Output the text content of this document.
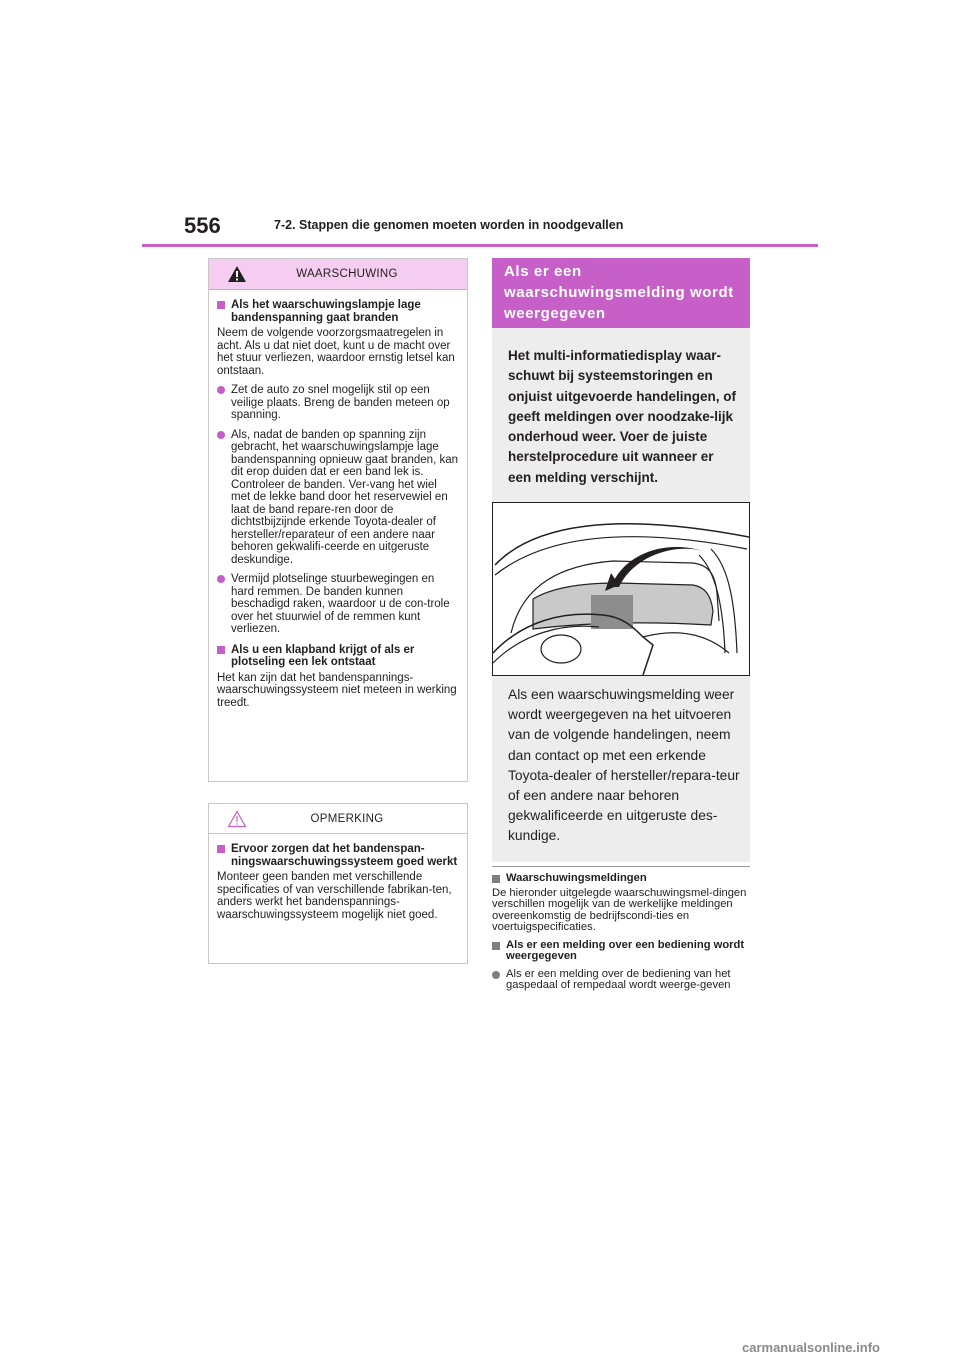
556	7-2. Stappen die genomen moeten worden in noodgevallen
WAARSCHUWING
Als het waarschuwingslampje lage bandenspanning gaat branden

Neem de volgende voorzorgsmaatregelen in acht. Als u dat niet doet, kunt u de macht over het stuur verliezen, waardoor ernstig letsel kan ontstaan.

Zet de auto zo snel mogelijk stil op een veilige plaats. Breng de banden meteen op spanning.
Als, nadat de banden op spanning zijn gebracht, het waarschuwingslampje lage bandenspanning opnieuw gaat branden, kan dit erop duiden dat er een band lek is. Controleer de banden. Ver-vang het wiel met de lekke band door het reservewiel en laat de band repare-ren door de dichtstbijzijnde erkende Toyota-dealer of hersteller/reparateur of een andere naar behoren gekwalifi-ceerde en uitgeruste deskundige.
Vermijd plotselinge stuurbewegingen en hard remmen. De banden kunnen beschadigd raken, waardoor u de con-trole over het stuurwiel of de remmen kunt verliezen.
Als u een klapband krijgt of als er plotseling een lek ontstaat

Het kan zijn dat het bandenspannings-waarschuwingssysteem niet meteen in werking treedt.

OPMERKING
Ervoor zorgen dat het bandenspan-ningswaarschuwingssysteem goed werkt

Monteer geen banden met verschillende specificaties of van verschillende fabrikan-ten, anders werkt het bandenspannings-waarschuwingssysteem mogelijk niet goed.

Als er een waarschuwingsmelding wordt weergegeven
Het multi-informatiedisplay waar-schuwt bij systeemstoringen en onjuist uitgevoerde handelingen, of geeft meldingen over noodzake-lijk onderhoud weer. Voer de juiste herstelprocedure uit wanneer er een melding verschijnt.
Als een waarschuwingsmelding weer wordt weergegeven na het uitvoeren van de volgende handelingen, neem dan contact op met een erkende Toyota-dealer of hersteller/repara-teur of een andere naar behoren gekwalificeerde en uitgeruste des-kundige.
Waarschuwingsmeldingen

De hieronder uitgelegde waarschuwingsmel-dingen verschillen mogelijk van de werkelijke meldingen overeenkomstig de bedrijfscondi-ties en voertuigspecificaties.

Als er een melding over een bediening wordt weergegeven
Als er een melding over de bediening van het gaspedaal of rempedaal wordt weerge-geven
carmanualsonline.info
